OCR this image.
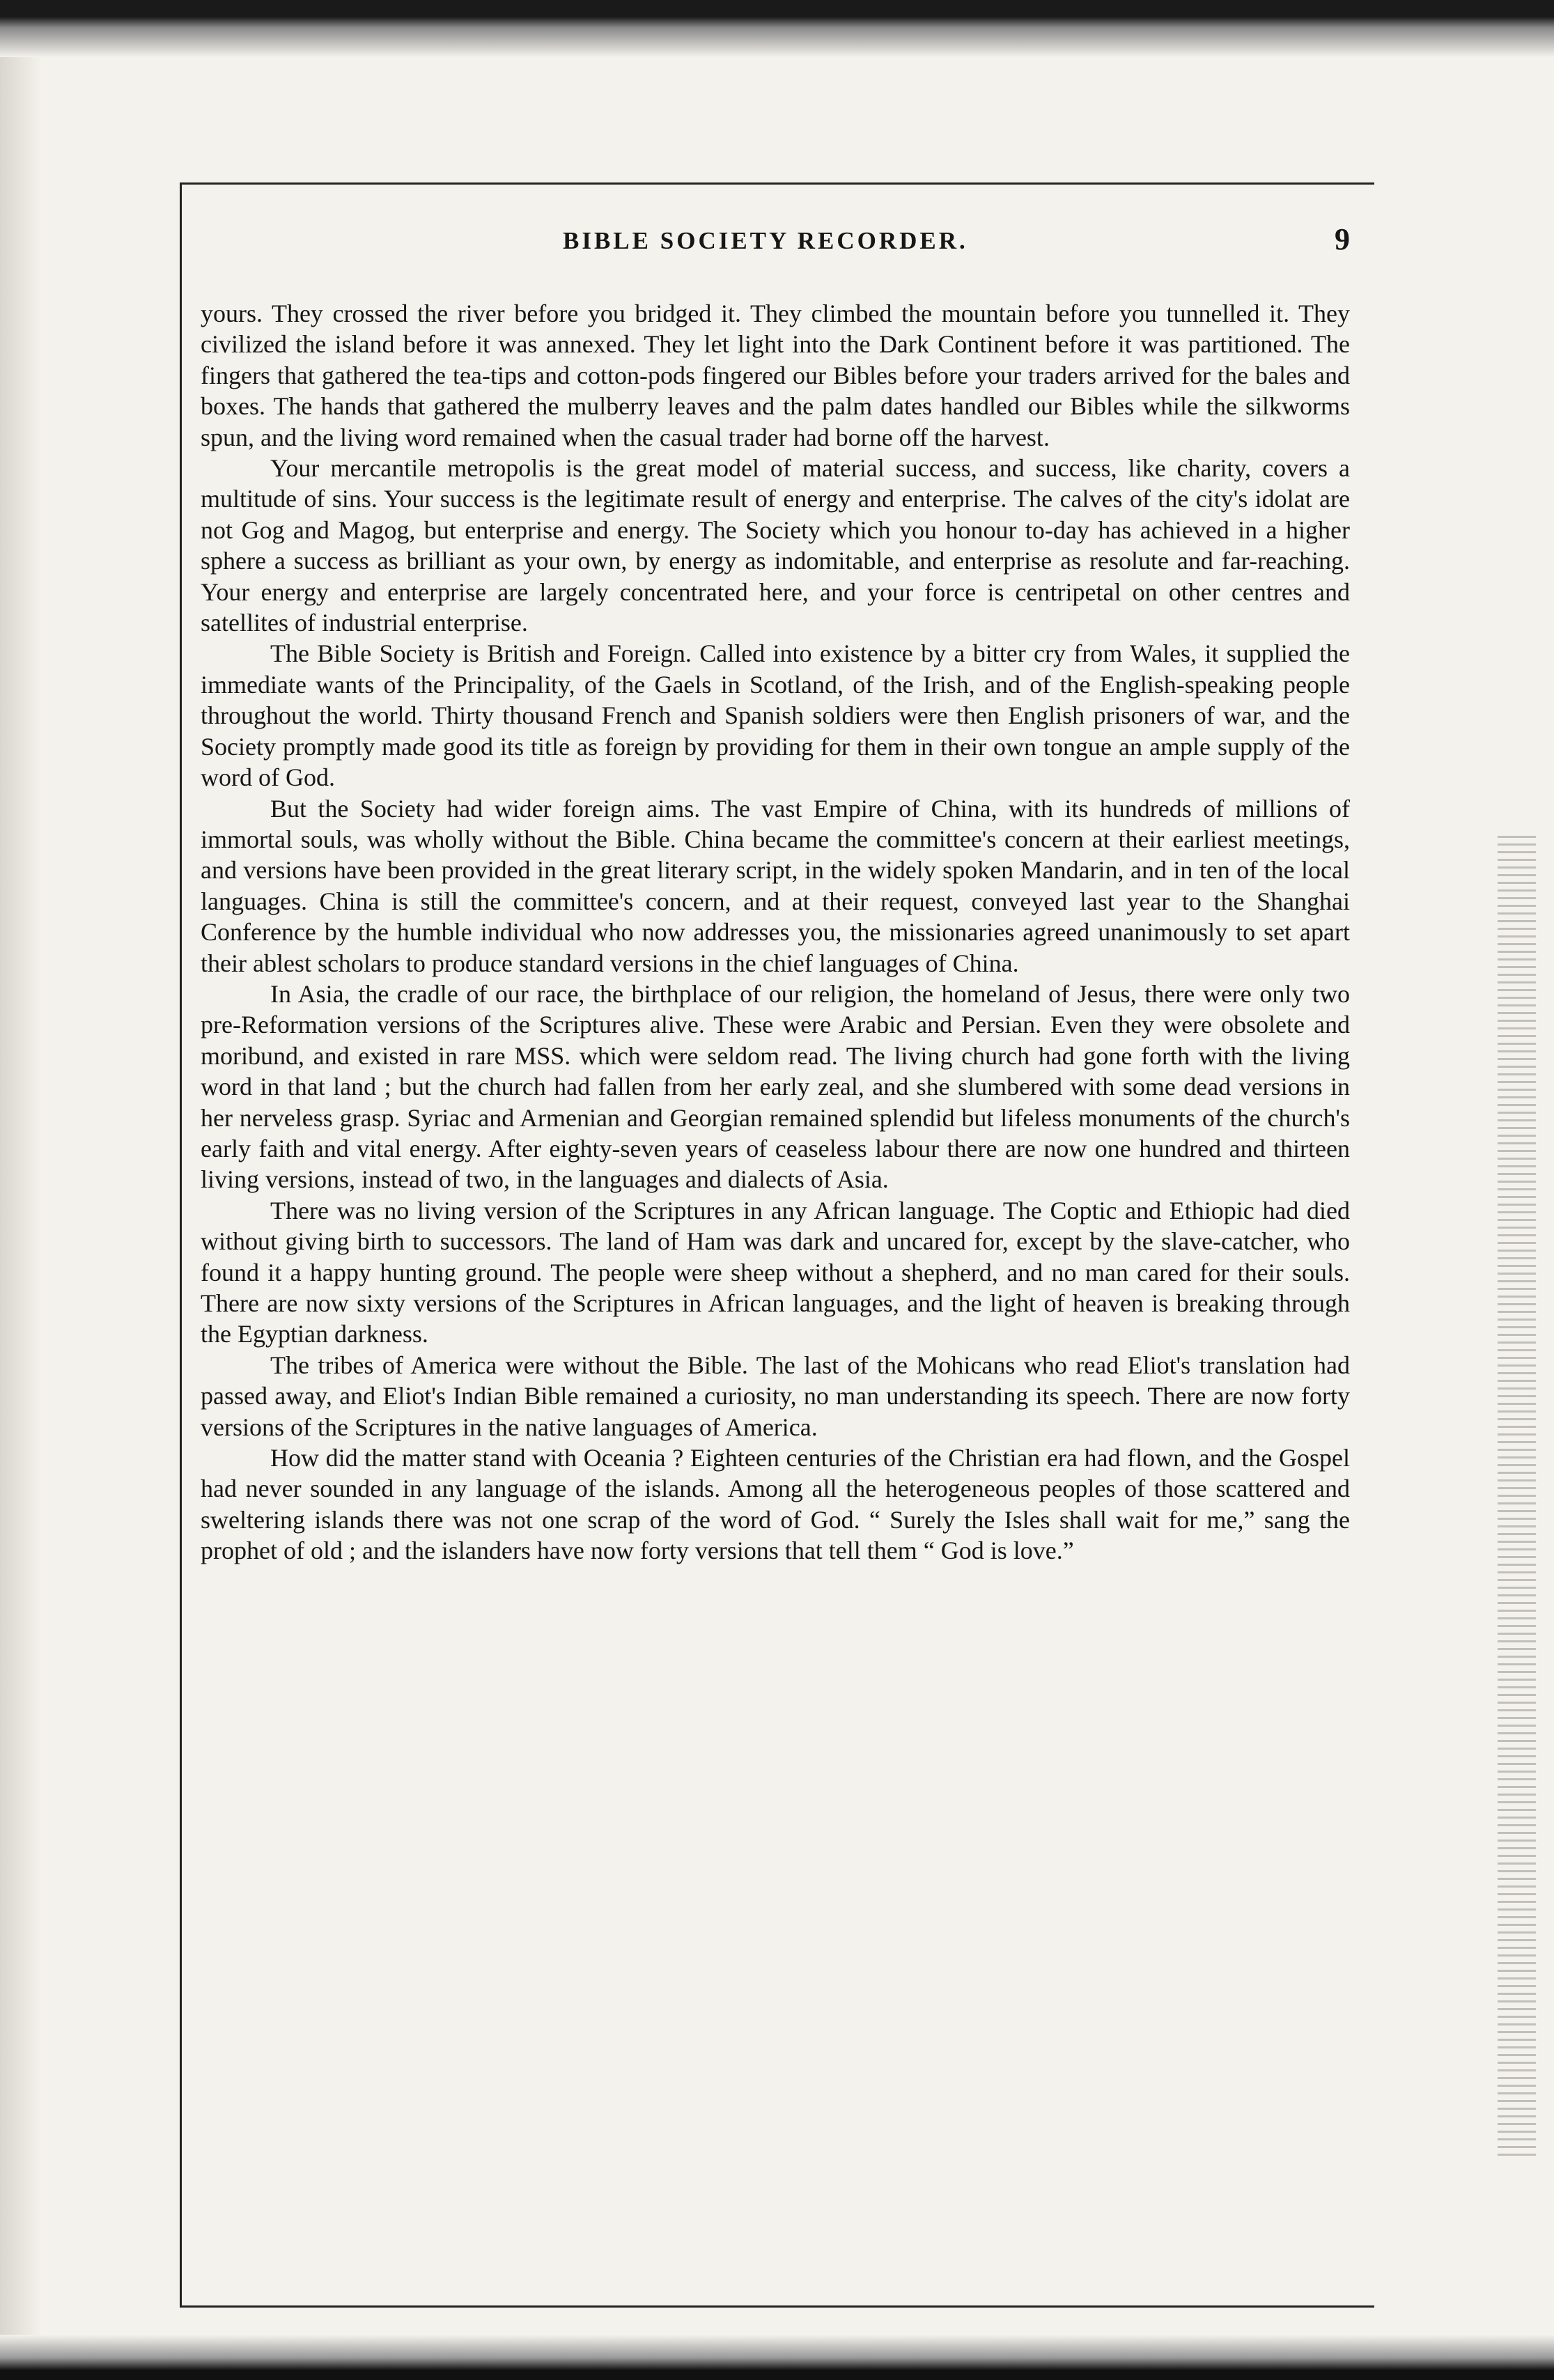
BIBLE SOCIETY RECORDER.	9

yours. They crossed the river before you bridged it. They climbed the mountain before you tunnelled it. They civilized the island before it was annexed. They let light into the Dark Continent before it was partitioned. The fingers that gathered the tea-tips and cotton-pods fingered our Bibles before your traders arrived for the bales and boxes. The hands that gathered the mulberry leaves and the palm dates handled our Bibles while the silkworms spun, and the living word remained when the casual trader had borne off the harvest.

Your mercantile metropolis is the great model of material success, and success, like charity, covers a multitude of sins. Your success is the legitimate result of energy and enterprise. The calves of the city's idolat are not Gog and Magog, but enterprise and energy. The Society which you honour to-day has achieved in a higher sphere a success as brilliant as your own, by energy as indomitable, and enterprise as resolute and far-reaching. Your energy and enterprise are largely concentrated here, and your force is centripetal on other centres and satellites of industrial enterprise.

The Bible Society is British and Foreign. Called into existence by a bitter cry from Wales, it supplied the immediate wants of the Principality, of the Gaels in Scotland, of the Irish, and of the English-speaking people throughout the world. Thirty thousand French and Spanish soldiers were then English prisoners of war, and the Society promptly made good its title as foreign by providing for them in their own tongue an ample supply of the word of God.

But the Society had wider foreign aims. The vast Empire of China, with its hundreds of millions of immortal souls, was wholly without the Bible. China became the committee's concern at their earliest meetings, and versions have been provided in the great literary script, in the widely spoken Mandarin, and in ten of the local languages. China is still the committee's concern, and at their request, conveyed last year to the Shanghai Conference by the humble individual who now addresses you, the missionaries agreed unanimously to set apart their ablest scholars to produce standard versions in the chief languages of China.

In Asia, the cradle of our race, the birthplace of our religion, the homeland of Jesus, there were only two pre-Reformation versions of the Scriptures alive. These were Arabic and Persian. Even they were obsolete and moribund, and existed in rare MSS. which were seldom read. The living church had gone forth with the living word in that land ; but the church had fallen from her early zeal, and she slumbered with some dead versions in her nerveless grasp. Syriac and Armenian and Georgian remained splendid but lifeless monuments of the church's early faith and vital energy. After eighty-seven years of ceaseless labour there are now one hundred and thirteen living versions, instead of two, in the languages and dialects of Asia.

There was no living version of the Scriptures in any African language. The Coptic and Ethiopic had died without giving birth to successors. The land of Ham was dark and uncared for, except by the slave-catcher, who found it a happy hunting ground. The people were sheep without a shepherd, and no man cared for their souls. There are now sixty versions of the Scriptures in African languages, and the light of heaven is breaking through the Egyptian darkness.

The tribes of America were without the Bible. The last of the Mohicans who read Eliot's translation had passed away, and Eliot's Indian Bible remained a curiosity, no man understanding its speech. There are now forty versions of the Scriptures in the native languages of America.

How did the matter stand with Oceania ? Eighteen centuries of the Christian era had flown, and the Gospel had never sounded in any language of the islands. Among all the heterogeneous peoples of those scattered and sweltering islands there was not one scrap of the word of God. “ Surely the Isles shall wait for me,” sang the prophet of old ; and the islanders have now forty versions that tell them “ God is love.”
